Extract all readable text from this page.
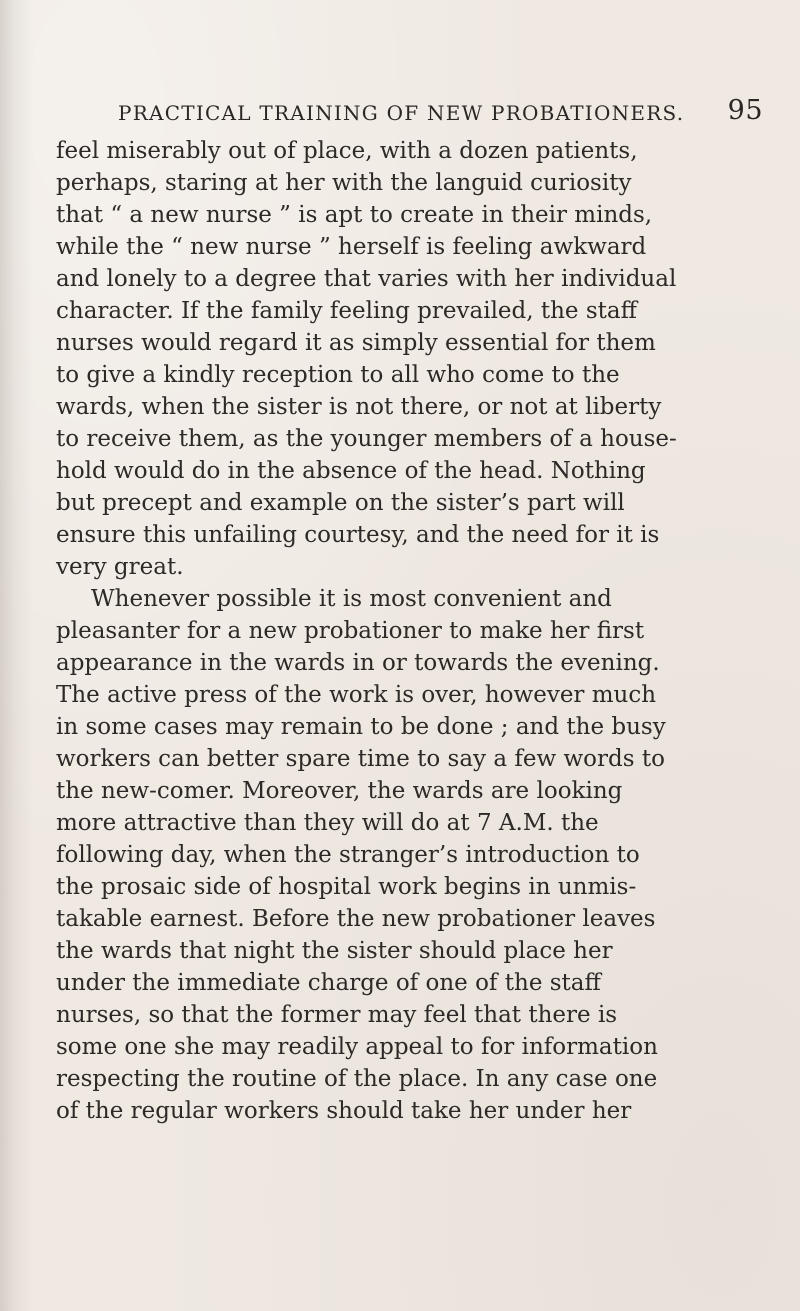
PRACTICAL TRAINING OF NEW PROBATIONERS. 95
feel miserably out of place, with a dozen patients,
perhaps, staring at her with the languid curiosity
that “ a new nurse ” is apt to create in their minds,
while the “ new nurse ” herself is feeling awkward
and lonely to a degree that varies with her individual
character. If the family feeling prevailed, the staff
nurses would regard it as simply essential for them
to give a kindly reception to all who come to the
wards, when the sister is not there, or not at liberty
to receive them, as the younger members of a house-
hold would do in the absence of the head. Nothing
but precept and example on the sister’s part will
ensure this unfailing courtesy, and the need for it is
very great.
Whenever possible it is most convenient and
pleasanter for a new probationer to make her first
appearance in the wards in or towards the evening.
The active press of the work is over, however much
in some cases may remain to be done ; and the busy
workers can better spare time to say a few words to
the new-comer. Moreover, the wards are looking
more attractive than they will do at 7 A.M. the
following day, when the stranger’s introduction to
the prosaic side of hospital work begins in unmis-
takable earnest. Before the new probationer leaves
the wards that night the sister should place her
under the immediate charge of one of the staff
nurses, so that the former may feel that there is
some one she may readily appeal to for information
respecting the routine of the place. In any case one
of the regular workers should take her under her
